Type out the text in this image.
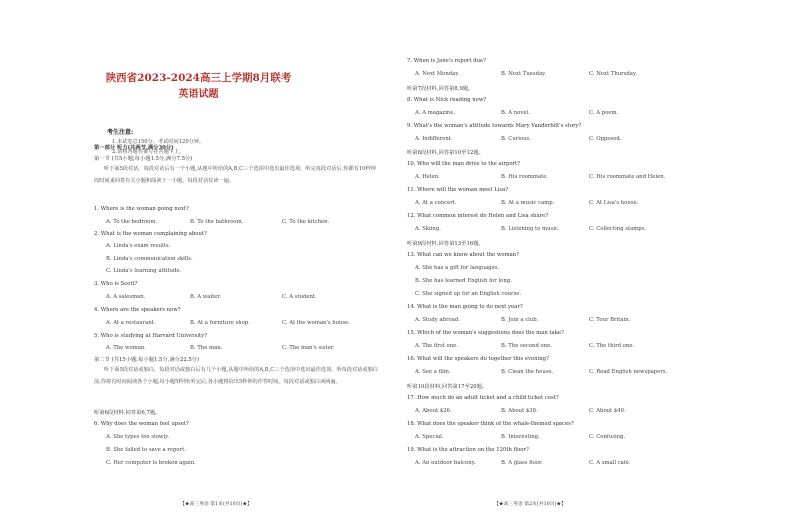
陕西省2023-2024高三上学期8月联考
英语试题
考生注意:
1.本试卷总150分。考试时间120分钟。
2.请将各题答案写在答题卡上。
第一部分 听力(共两节,满分30分)
第一节 (共5小题;每小题1.5分,满分7.5分)
听下面5段对话。每段对话后有一个小题,从题中所给的A,B,C三个选项中选出最佳选项。听完每段对话后,你都有10秒钟的时间来回答有关小题和阅读下一小题。每段对话仅读一遍。
1. Where is the woman going next?
A. To the bedroom.	B. To the bathroom.	C. To the kitchen.
2. What is the woman complaining about?
A. Linda's exam results.
B. Linda's communication skills.
C. Linda's learning attitude.
3. Who is Scott?
A. A salesman.	B. A waiter.	C. A student.
4. Where are the speakers now?
A. At a restaurant.	B. At a furniture shop.	C. At the woman's house.
5. Who is studying at Harvard University?
A. The woman.	B. The man.	C. The man's sister.
第二节 (共15小题;每小题1.5分,满分22.5分)
听下面5段对话或独白。每段对话或独白后有几个小题,从题中所给的A,B,C三个选项中选出最佳选项。听每段对话或独白前,你将有时间阅读各个小题,每小题5秒钟;听完后,各小题将给出5秒钟的作答时间。每段对话或独白读两遍。
听第6段材料,回答第6,7题。
6. Why does the woman feel upset?
A. She types too slowly.
B. She failed to save a report.
C. Her computer is broken again.
【★高三英语 第1页(共10页)★】
7. When is Jane's report due?
A. Next Monday.	B. Next Tuesday.	C. Next Thursday.
听第7段材料,回答第8,9题。
8. What is Nick reading now?
A. A magazine.	B. A novel.	C. A poem.
9. What's the woman's attitude towards Mary Vanderbilt's story?
A. Indifferent.	B. Curious.	C. Opposed.
听第8段材料,回答第10至12题。
10. Who will the man drive to the airport?
A. Helen.	B. His roommate.	C. His roommate and Helen.
11. Where will the woman meet Lisa?
A. At a concert.	B. At a music camp.	C. At Lisa's house.
12. What common interest do Helen and Lisa share?
A. Skiing.	B. Listening to music.	C. Collecting stamps.
听第9段材料,回答第13至16题。
13. What can we know about the woman?
A. She has a gift for languages.
B. She has learned English for long.
C. She signed up for an English course.
14. What is the man going to do next year?
A. Study abroad.	B. Join a club.	C. Tour Britain.
15. Which of the woman's suggestions does the man take?
A. The first one.	B. The second one.	C. The third one.
16. What will the speakers do together this evening?
A. See a film.	B. Clean the house.	C. Read English newspapers.
听第10段材料,回答第17至20题。
17. How much do an adult ticket and a child ticket cost?
A. About $26.	B. About $38.	C. About $40.
18. What does the speaker think of the whale-themed spaces?
A. Special.	B. Interesting.	C. Confusing.
19. What is the attraction on the 120th floor?
A. An outdoor balcony.	B. A glass floor.	C. A small cafe.
【★高三英语 第2页(共10页)★】
